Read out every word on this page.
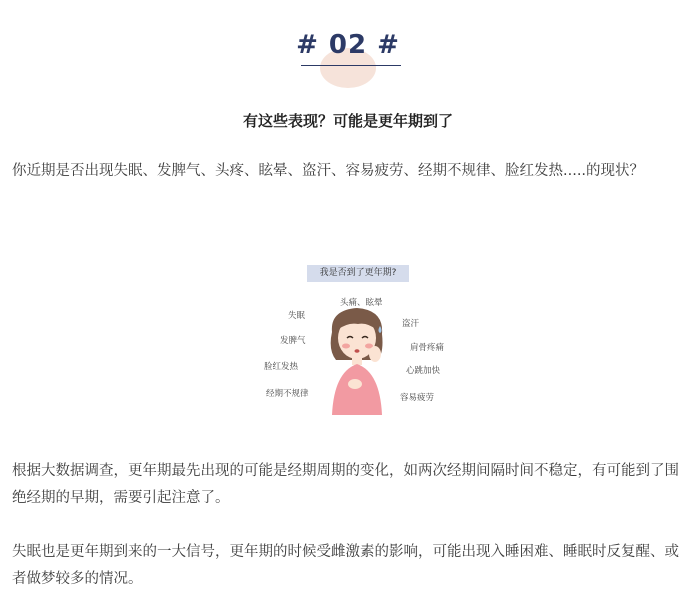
# 02 #
有这些表现？可能是更年期到了

你近期是否出现失眠、发脾气、头疼、眩晕、盗汗、容易疲劳、经期不规律、脸红发热.....的现状？

我是否到了更年期?
头痛、眩晕
失眠
盗汗
发脾气
肩骨疼痛
脸红发热	心跳加快
经期不规律	容易疲劳

根据大数据调查，更年期最先出现的可能是经期周期的变化，如两次经期间隔时间不稳定，有可能到了围绝经期的早期，需要引起注意了。

失眠也是更年期到来的一大信号，更年期的时候受雌激素的影响，可能出现入睡困难、睡眠时反复醒、或者做梦较多的情况。
